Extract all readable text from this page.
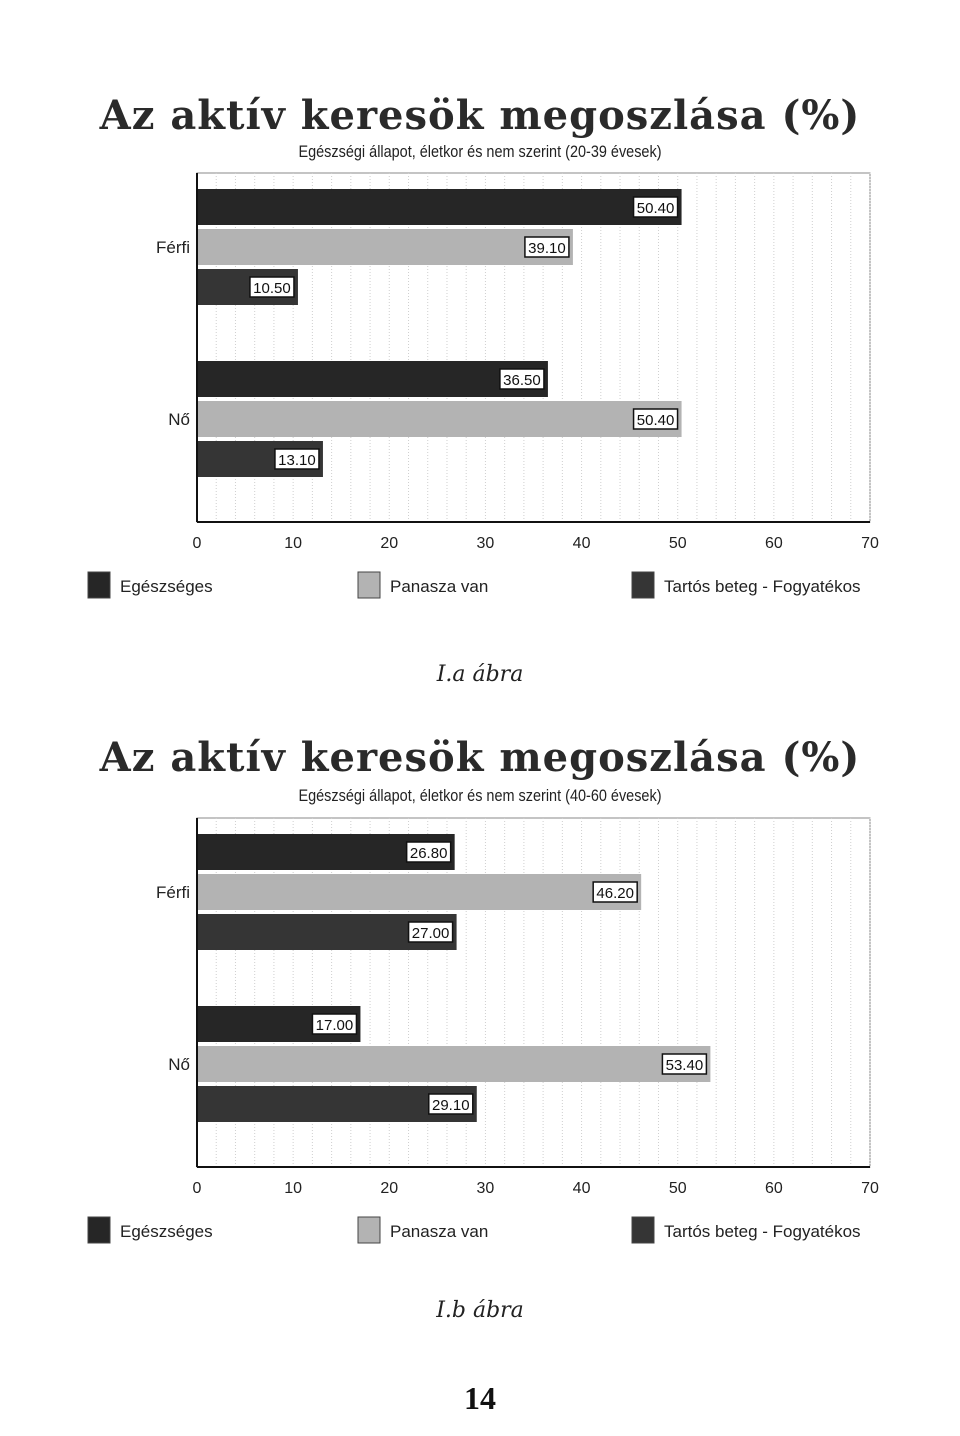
Az aktív keresök megoszlása (%)
Egészségi állapot, életkor és nem szerint (20-39 évesek)
Férfi
50.40
39.10
10.50
Nő
36.50
50.40
13.10
0	10	20	30	40	50	60	70
Egészséges	Panasza van	Tartós beteg - Fogyatékos
I.a ábra
Az aktív keresök megoszlása (%)
Egészségi állapot, életkor és nem szerint (40-60 évesek)
Férfi
26.80
46.20
27.00
Nő
17.00
53.40
29.10
0	10	20	30	40	50	60	70
Egészséges	Panasza van	Tartós beteg - Fogyatékos
I.b ábra
14
